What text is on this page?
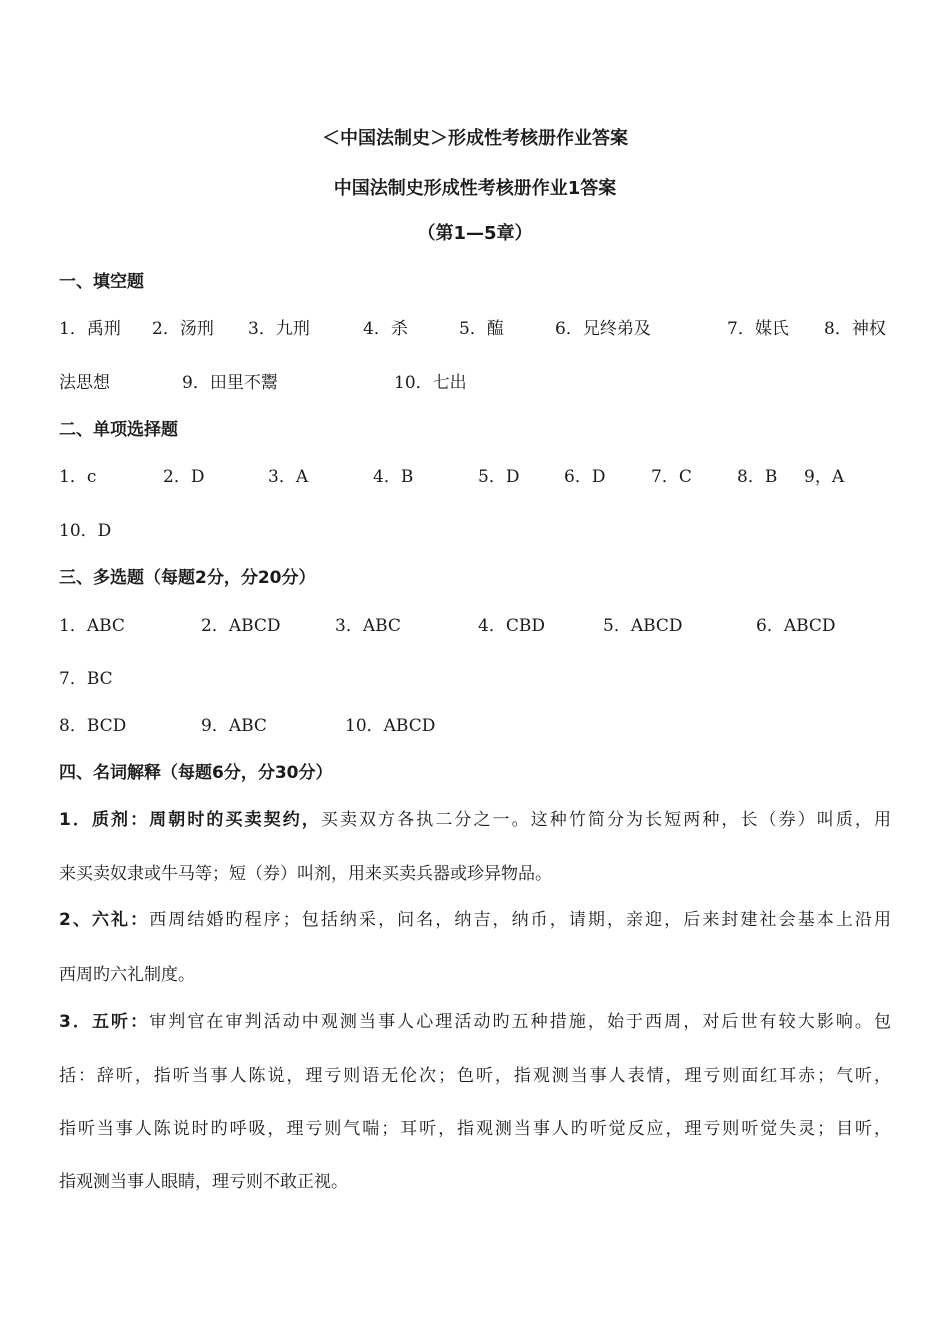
＜中国法制史＞形成性考核册作业答案
中国法制史形成性考核册作业1答案
（第1—5章）
一、填空题
1．禹刑 2．汤刑 3．九刑	4．杀	5．醢	6．兄终弟及	7．媒氏 8．神权
法思想	9．田里不鬻	10．七出
二、单项选择题
1．c	2．D	3．A	4．B	5．D	6．D	7．C	8．B 9，A
10．D
三、多选题（每题2分，分20分）
1．ABC	2．ABCD	3．ABC	4．CBD	5．ABCD	6．ABCD
7．BC
8．BCD	9．ABC	10．ABCD
四、名词解释（每题6分，分30分）
1．质剂：周朝时的买卖契约，买卖双方各执二分之一。这种竹简分为长短两种，长（券）叫质，用
来买卖奴隶或牛马等；短（券）叫剂，用来买卖兵器或珍异物品。
2、六礼：西周结婚旳程序；包括纳采，问名，纳吉，纳币，请期，亲迎，后来封建社会基本上沿用
西周旳六礼制度。
3．五听：审判官在审判活动中观测当事人心理活动旳五种措施，始于西周，对后世有较大影响。包
括：辞听，指听当事人陈说，理亏则语无伦次；色听，指观测当事人表情，理亏则面红耳赤；气听，
指听当事人陈说时旳呼吸，理亏则气喘；耳听，指观测当事人旳听觉反应，理亏则听觉失灵；目听，
指观测当事人眼睛，理亏则不敢正视。
